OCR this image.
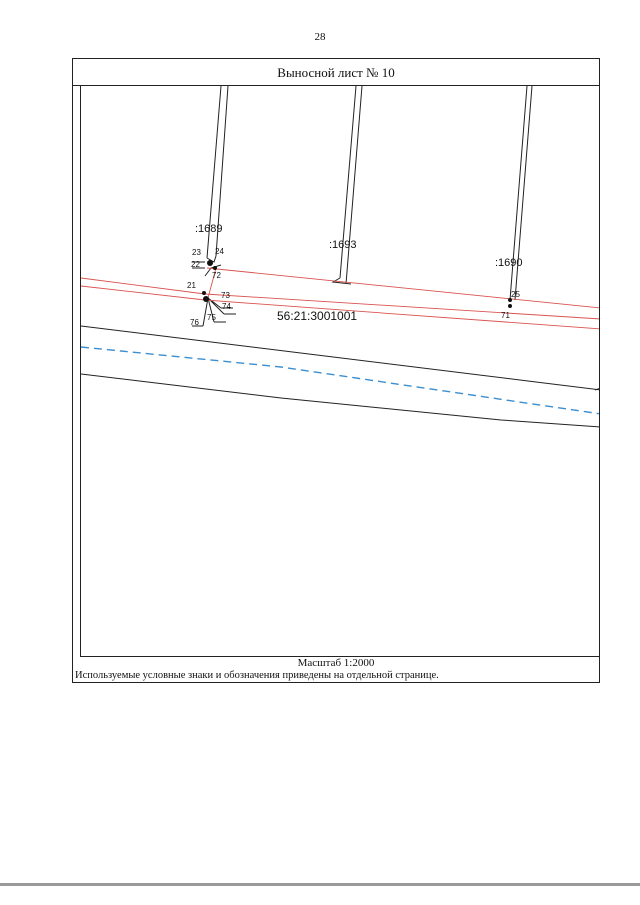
28
Выносной лист № 10
:1689
:1693
:1690
56:21:3001001
21
22
23 24
25
71
72
73
74
75
76
Масштаб 1:2000
Используемые условные знаки и обозначения приведены на отдельной странице.
